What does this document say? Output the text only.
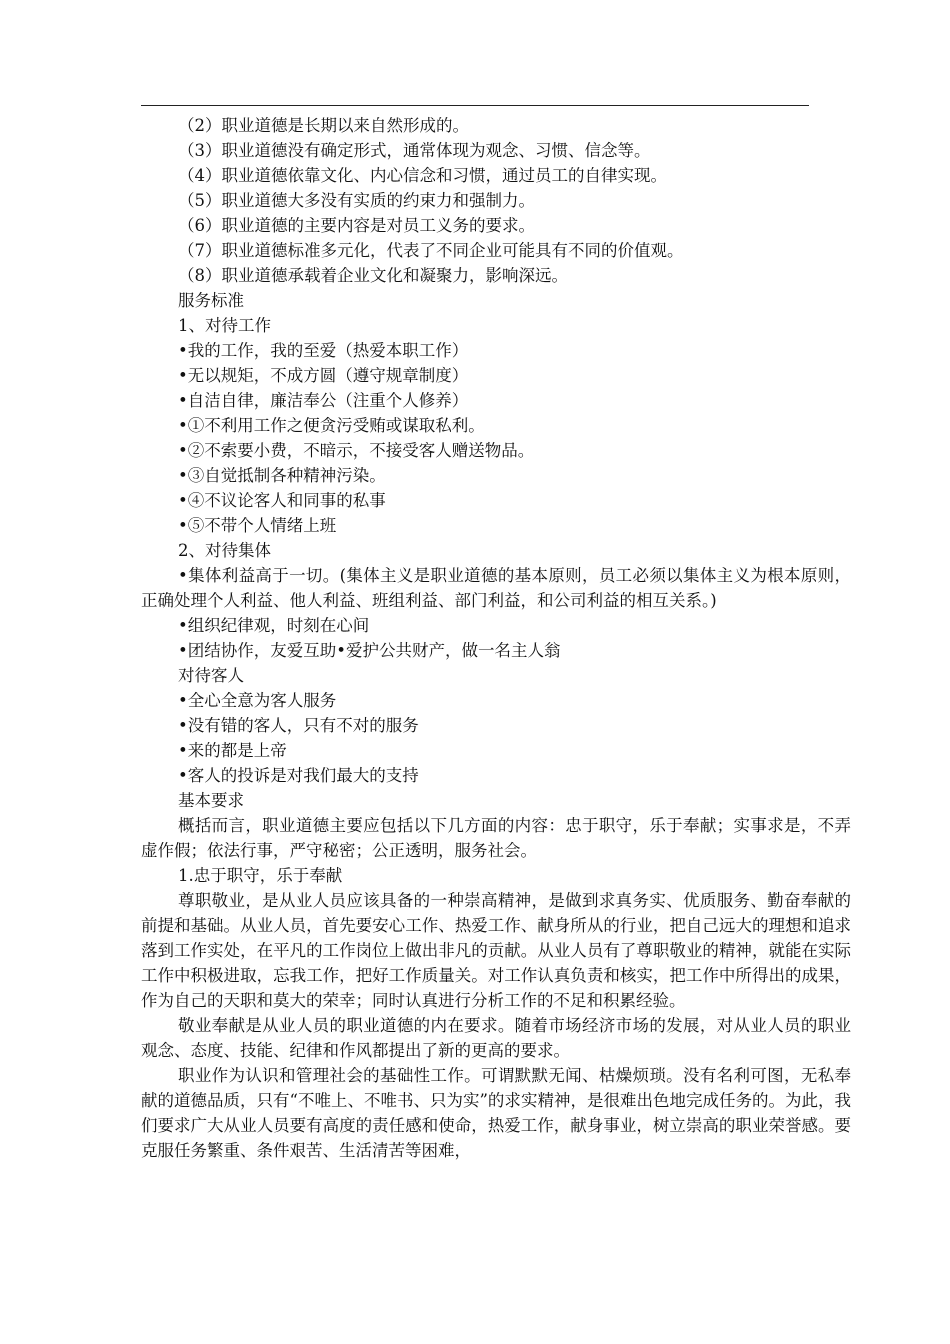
（2）职业道德是长期以来自然形成的。
（3）职业道德没有确定形式，通常体现为观念、习惯、信念等。
（4）职业道德依靠文化、内心信念和习惯，通过员工的自律实现。
（5）职业道德大多没有实质的约束力和强制力。
（6）职业道德的主要内容是对员工义务的要求。
（7）职业道德标准多元化，代表了不同企业可能具有不同的价值观。
（8）职业道德承载着企业文化和凝聚力，影响深远。
服务标准
1、对待工作
•我的工作，我的至爱（热爱本职工作）
•无以规矩，不成方圆（遵守规章制度）
•自洁自律，廉洁奉公（注重个人修养）
•①不利用工作之便贪污受贿或谋取私利。
•②不索要小费，不暗示，不接受客人赠送物品。
•③自觉抵制各种精神污染。
•④不议论客人和同事的私事
•⑤不带个人情绪上班
2、对待集体
•集体利益高于一切。(集体主义是职业道德的基本原则，员工必须以集体主义为根本原则，正确处理个人利益、他人利益、班组利益、部门利益，和公司利益的相互关系。)
•组织纪律观，时刻在心间
•团结协作，友爱互助•爱护公共财产，做一名主人翁
对待客人
•全心全意为客人服务
•没有错的客人，只有不对的服务
•来的都是上帝
•客人的投诉是对我们最大的支持
基本要求
概括而言，职业道德主要应包括以下几方面的内容：忠于职守，乐于奉献；实事求是，不弄虚作假；依法行事，严守秘密；公正透明，服务社会。
1.忠于职守，乐于奉献
尊职敬业，是从业人员应该具备的一种崇高精神，是做到求真务实、优质服务、勤奋奉献的前提和基础。从业人员，首先要安心工作、热爱工作、献身所从的行业，把自己远大的理想和追求落到工作实处，在平凡的工作岗位上做出非凡的贡献。从业人员有了尊职敬业的精神，就能在实际工作中积极进取，忘我工作，把好工作质量关。对工作认真负责和核实，把工作中所得出的成果，作为自己的天职和莫大的荣幸；同时认真进行分析工作的不足和积累经验。
敬业奉献是从业人员的职业道德的内在要求。随着市场经济市场的发展，对从业人员的职业观念、态度、技能、纪律和作风都提出了新的更高的要求。
职业作为认识和管理社会的基础性工作。可谓默默无闻、枯燥烦琐。没有名利可图，无私奉献的道德品质，只有“不唯上、不唯书、只为实”的求实精神，是很难出色地完成任务的。为此，我们要求广大从业人员要有高度的责任感和使命，热爱工作，献身事业，树立崇高的职业荣誉感。要克服任务繁重、条件艰苦、生活清苦等困难，
